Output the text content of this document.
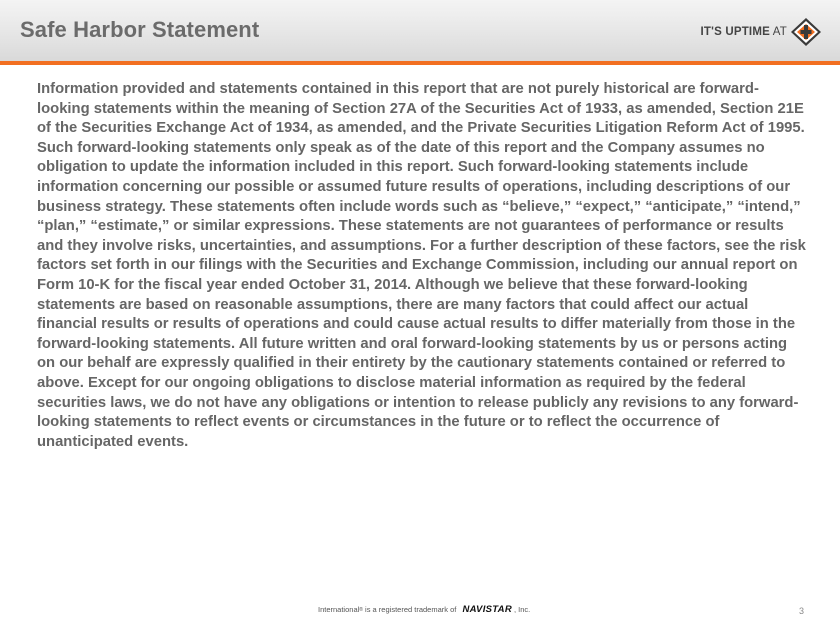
Safe Harbor Statement	IT'S UPTIME AT

Information provided and statements contained in this report that are not purely historical are forward-looking statements within the meaning of Section 27A of the Securities Act of 1933, as amended, Section 21E of the Securities Exchange Act of 1934, as amended, and the Private Securities Litigation Reform Act of 1995. Such forward-looking statements only speak as of the date of this report and the Company assumes no obligation to update the information included in this report. Such forward-looking statements include information concerning our possible or assumed future results of operations, including descriptions of our business strategy. These statements often include words such as “believe,” “expect,” “anticipate,” “intend,” “plan,” “estimate,” or similar expressions. These statements are not guarantees of performance or results and they involve risks, uncertainties, and assumptions. For a further description of these factors, see the risk factors set forth in our filings with the Securities and Exchange Commission, including our annual report on Form 10-K for the fiscal year ended October 31, 2014. Although we believe that these forward-looking statements are based on reasonable assumptions, there are many factors that could affect our actual financial results or results of operations and could cause actual results to differ materially from those in the forward-looking statements. All future written and oral forward-looking statements by us or persons acting on our behalf are expressly qualified in their entirety by the cautionary statements contained or referred to above. Except for our ongoing obligations to disclose material information as required by the federal securities laws, we do not have any obligations or intention to release publicly any revisions to any forward-looking statements to reflect events or circumstances in the future or to reflect the occurrence of unanticipated events.

International ® is a registered trademark of NAVISTAR , Inc.	3
